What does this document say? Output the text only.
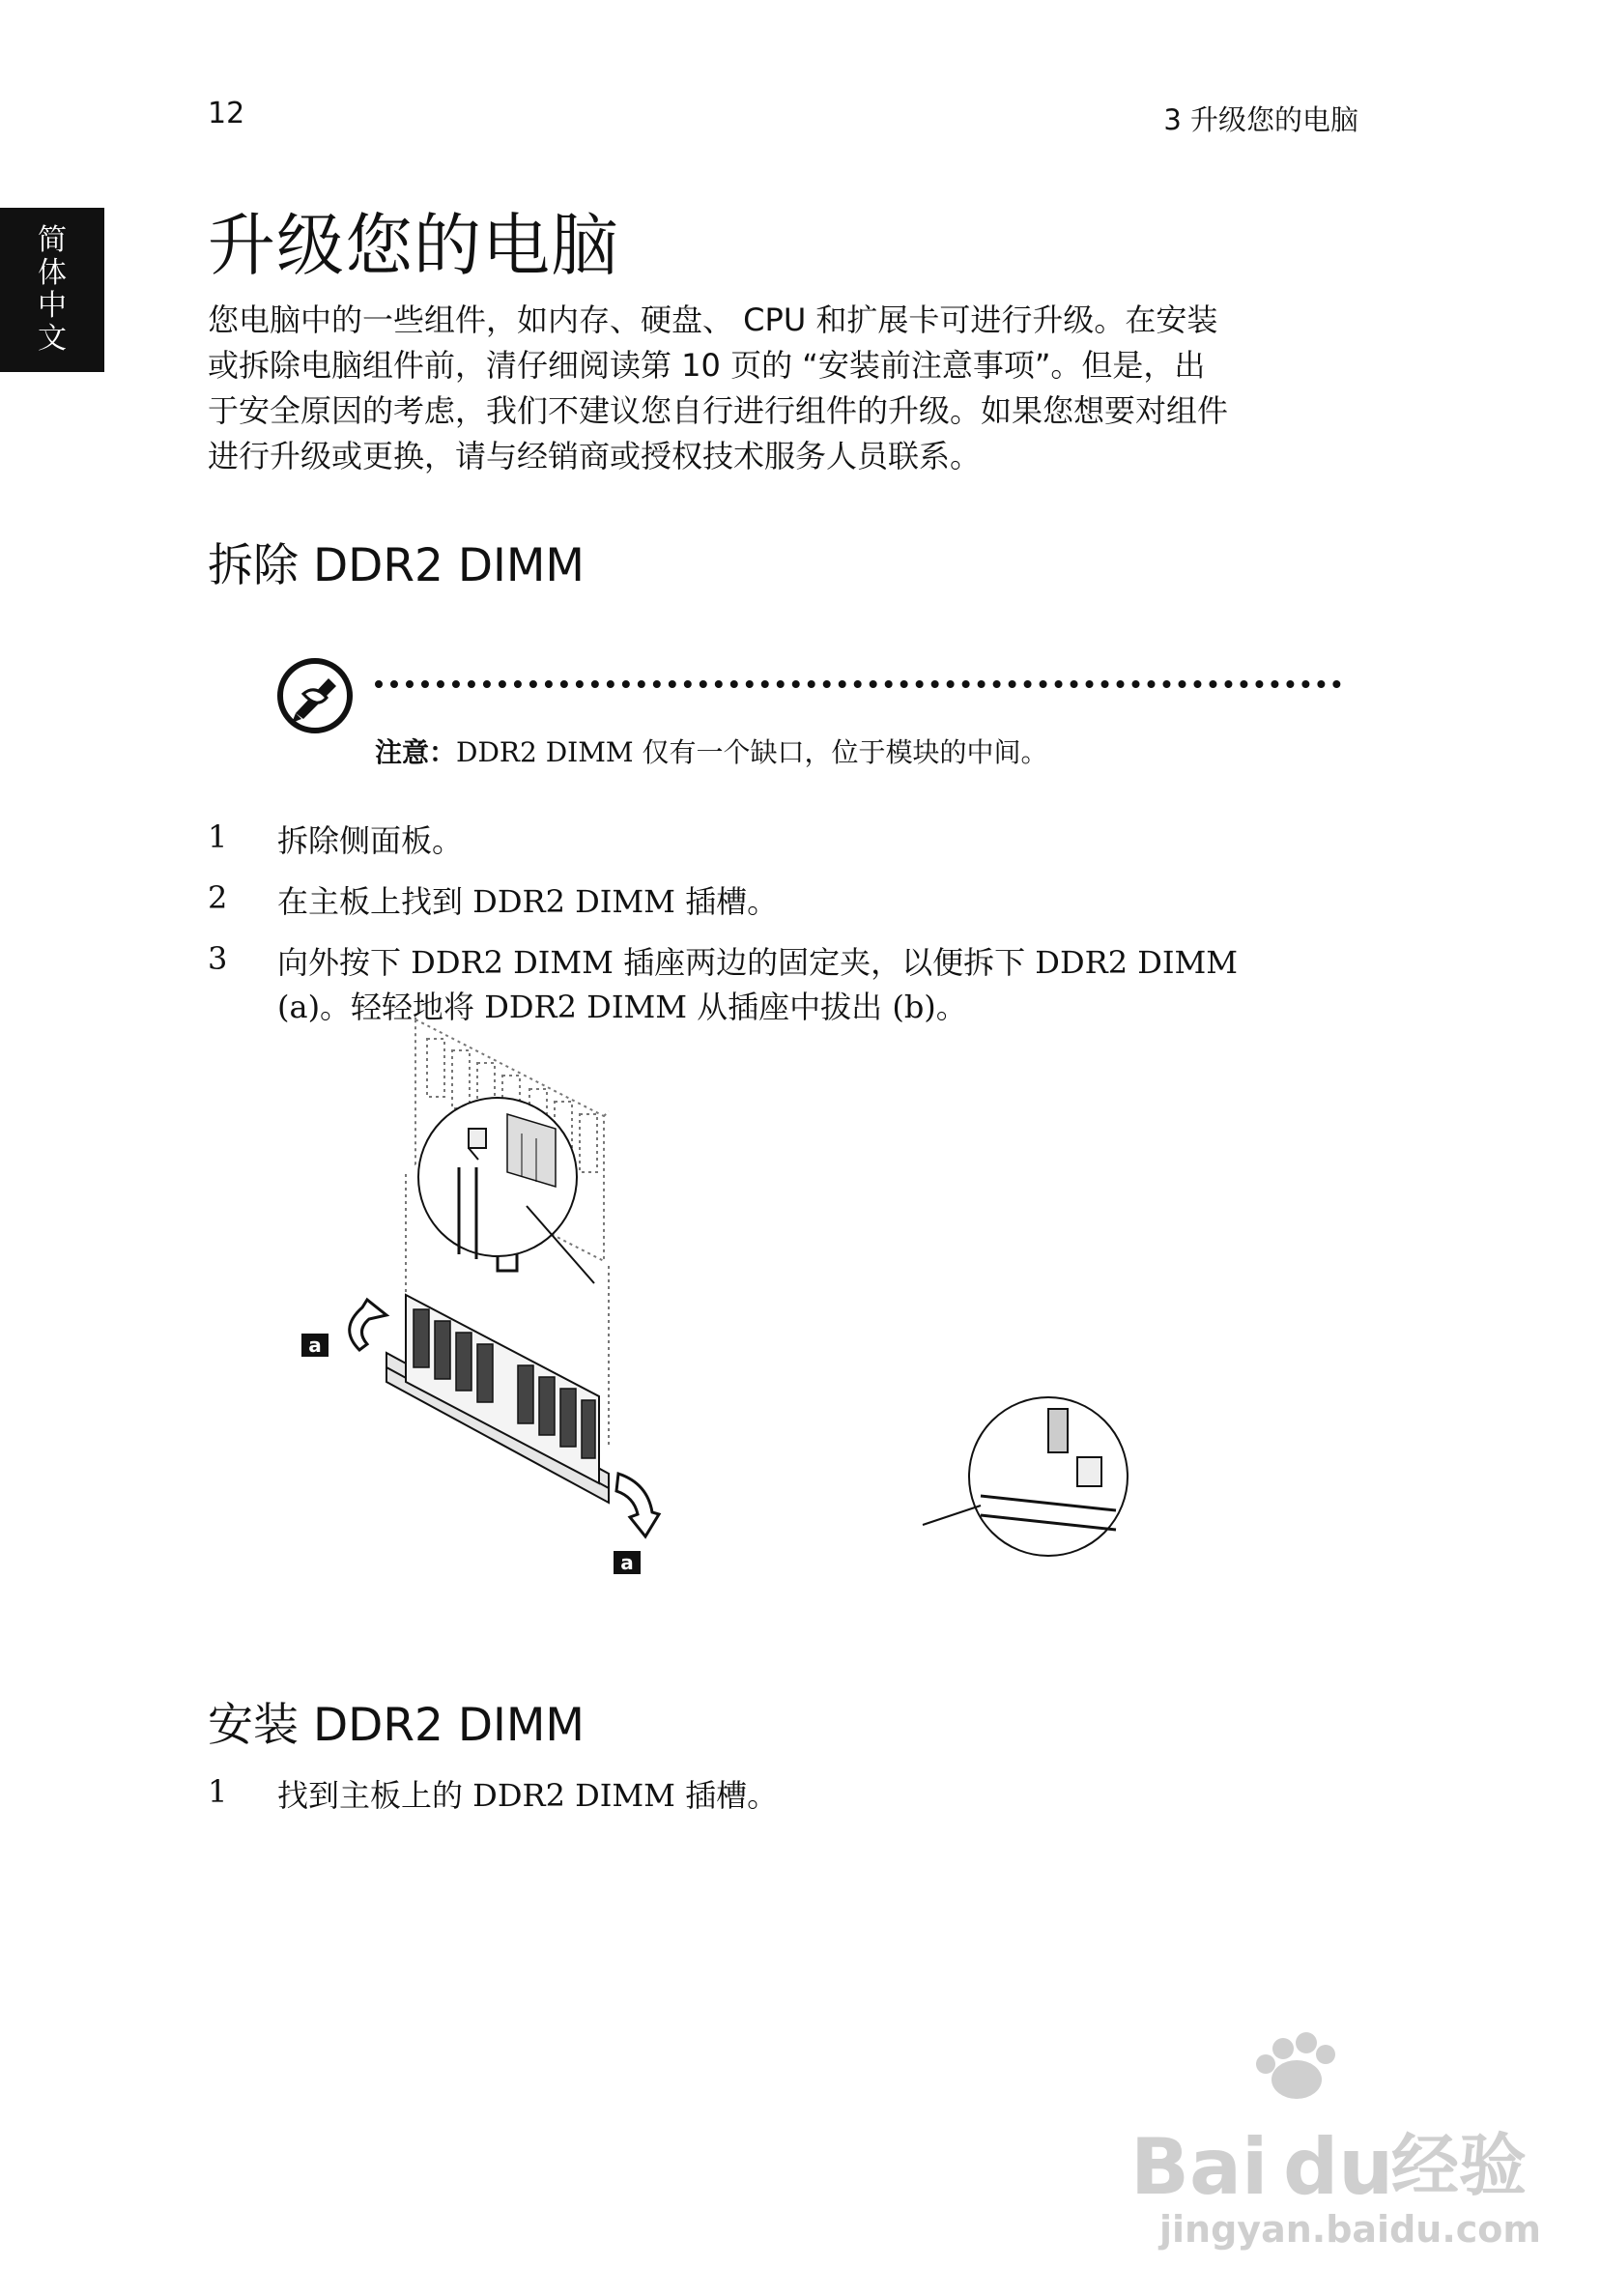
12	3 升级您的电脑
简
体
中
文
升级您的电脑
您电脑中的一些组件，如内存、硬盘、 CPU 和扩展卡可进行升级。在安装
或拆除电脑组件前，清仔细阅读第 10 页的 “安装前注意事项”。但是，出
于安全原因的考虑，我们不建议您自行进行组件的升级。如果您想要对组件
进行升级或更换，请与经销商或授权技术服务人员联系。
拆除 DDR2 DIMM
注意：DDR2 DIMM 仅有一个缺口，位于模块的中间。
1 拆除侧面板。
2 在主板上找到 DDR2 DIMM 插槽。
3 向外按下 DDR2 DIMM 插座两边的固定夹，以便拆下 DDR2 DIMM
(a)。轻轻地将 DDR2 DIMM 从插座中拔出 (b)。
a
a
安装 DDR2 DIMM
1 找到主板上的 DDR2 DIMM 插槽。
Bai du
经验
jingyan.baidu.com
